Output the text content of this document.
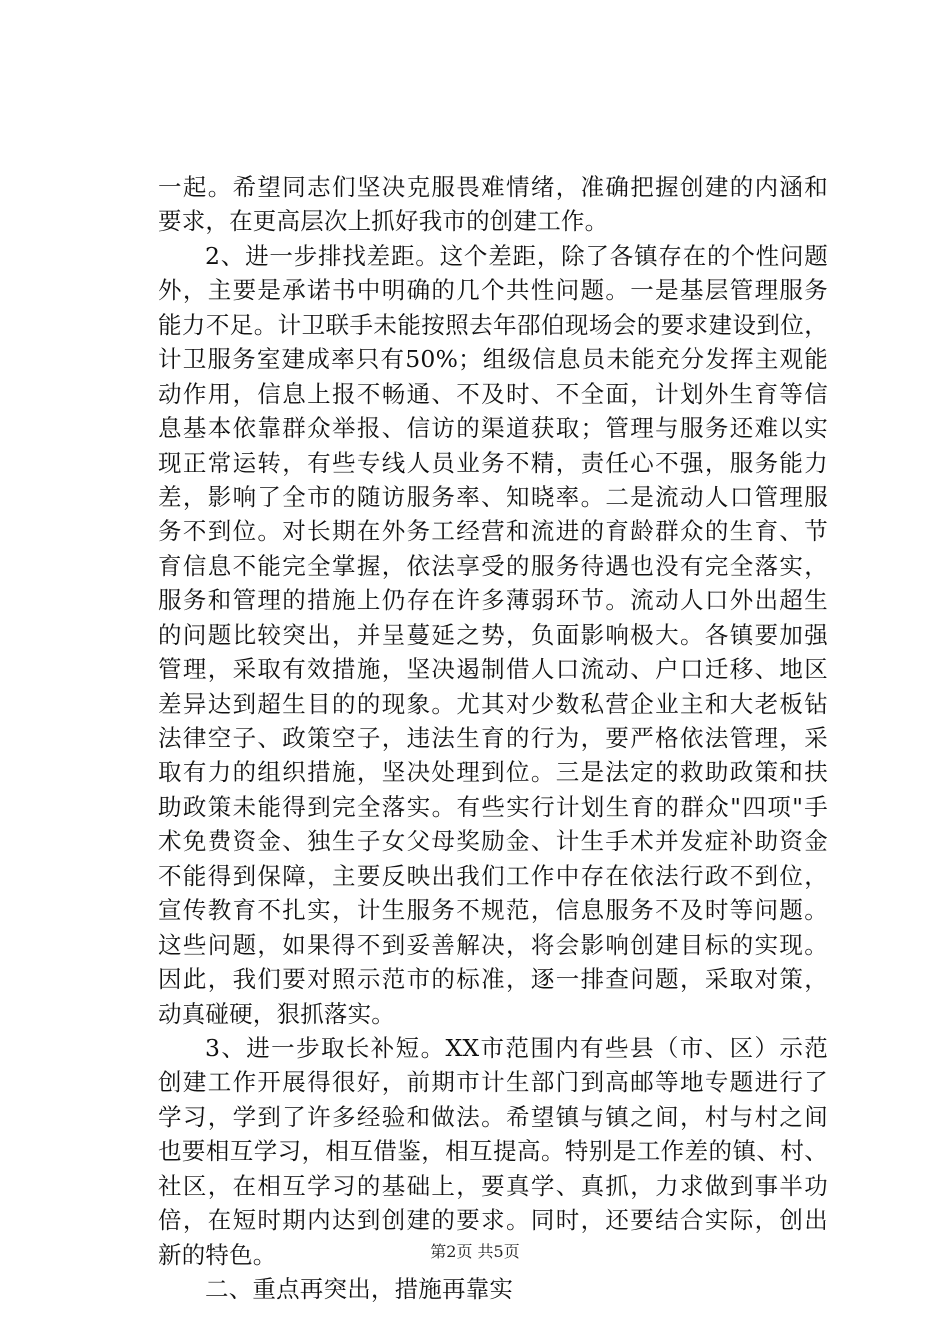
一起。希望同志们坚决克服畏难情绪，准确把握创建的内涵和
要求，在更高层次上抓好我市的创建工作。
2、进一步排找差距。这个差距，除了各镇存在的个性问题
外，主要是承诺书中明确的几个共性问题。一是基层管理服务
能力不足。计卫联手未能按照去年邵伯现场会的要求建设到位，
计卫服务室建成率只有50%；组级信息员未能充分发挥主观能
动作用，信息上报不畅通、不及时、不全面，计划外生育等信
息基本依靠群众举报、信访的渠道获取；管理与服务还难以实
现正常运转，有些专线人员业务不精，责任心不强，服务能力
差，影响了全市的随访服务率、知晓率。二是流动人口管理服
务不到位。对长期在外务工经营和流进的育龄群众的生育、节
育信息不能完全掌握，依法享受的服务待遇也没有完全落实，
服务和管理的措施上仍存在许多薄弱环节。流动人口外出超生
的问题比较突出，并呈蔓延之势，负面影响极大。各镇要加强
管理，采取有效措施，坚决遏制借人口流动、户口迁移、地区
差异达到超生目的的现象。尤其对少数私营企业主和大老板钻
法律空子、政策空子，违法生育的行为，要严格依法管理，采
取有力的组织措施，坚决处理到位。三是法定的救助政策和扶
助政策未能得到完全落实。有些实行计划生育的群众"四项"手
术免费资金、独生子女父母奖励金、计生手术并发症补助资金
不能得到保障，主要反映出我们工作中存在依法行政不到位，
宣传教育不扎实，计生服务不规范，信息服务不及时等问题。
这些问题，如果得不到妥善解决，将会影响创建目标的实现。
因此，我们要对照示范市的标准，逐一排查问题，采取对策，
动真碰硬，狠抓落实。
3、进一步取长补短。XX市范围内有些县（市、区）示范
创建工作开展得很好，前期市计生部门到高邮等地专题进行了
学习，学到了许多经验和做法。希望镇与镇之间，村与村之间
也要相互学习，相互借鉴，相互提高。特别是工作差的镇、村、
社区，在相互学习的基础上，要真学、真抓，力求做到事半功
倍，在短时期内达到创建的要求。同时，还要结合实际，创出
新的特色。
二、重点再突出，措施再靠实
第2页 共5页
